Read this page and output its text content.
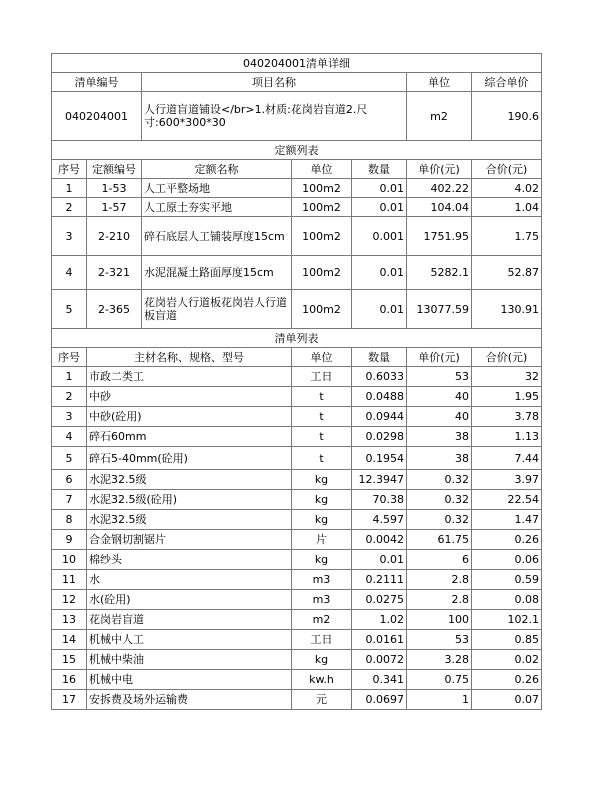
040204001清单详细						
清单编号		项目名称			单位	综合单价
040204001		人行道盲道铺设</br>1.材质:花岗岩盲道2.尺寸:600*300*30			m2	190.6
定额列表						
序号	定额编号	定额名称	单位	数量	单价(元)	合价(元)
1	1-53	人工平整场地	100m2	0.01	402.22	4.02
2	1-57	人工原土夯实平地	100m2	0.01	104.04	1.04
3	2-210	碎石底层人工铺装厚度15cm	100m2	0.001	1751.95	1.75
4	2-321	水泥混凝土路面厚度15cm	100m2	0.01	5282.1	52.87
5	2-365	花岗岩人行道板花岗岩人行道板盲道	100m2	0.01	13077.59	130.91
清单列表						
序号	主材名称、规格、型号		单位	数量	单价(元)	合价(元)
1	市政二类工		工日	0.6033	53	32
2	中砂		t	0.0488	40	1.95
3	中砂(砼用)		t	0.0944	40	3.78
4	碎石60mm		t	0.0298	38	1.13
5	碎石5-40mm(砼用)		t	0.1954	38	7.44
6	水泥32.5级		kg	12.3947	0.32	3.97
7	水泥32.5级(砼用)		kg	70.38	0.32	22.54
8	水泥32.5级		kg	4.597	0.32	1.47
9	合金钢切割锯片		片	0.0042	61.75	0.26
10	棉纱头		kg	0.01	6	0.06
11	水		m3	0.2111	2.8	0.59
12	水(砼用)		m3	0.0275	2.8	0.08
13	花岗岩盲道		m2	1.02	100	102.1
14	机械中人工		工日	0.0161	53	0.85
15	机械中柴油		kg	0.0072	3.28	0.02
16	机械中电		kw.h	0.341	0.75	0.26
17	安拆费及场外运输费		元	0.0697	1	0.07
